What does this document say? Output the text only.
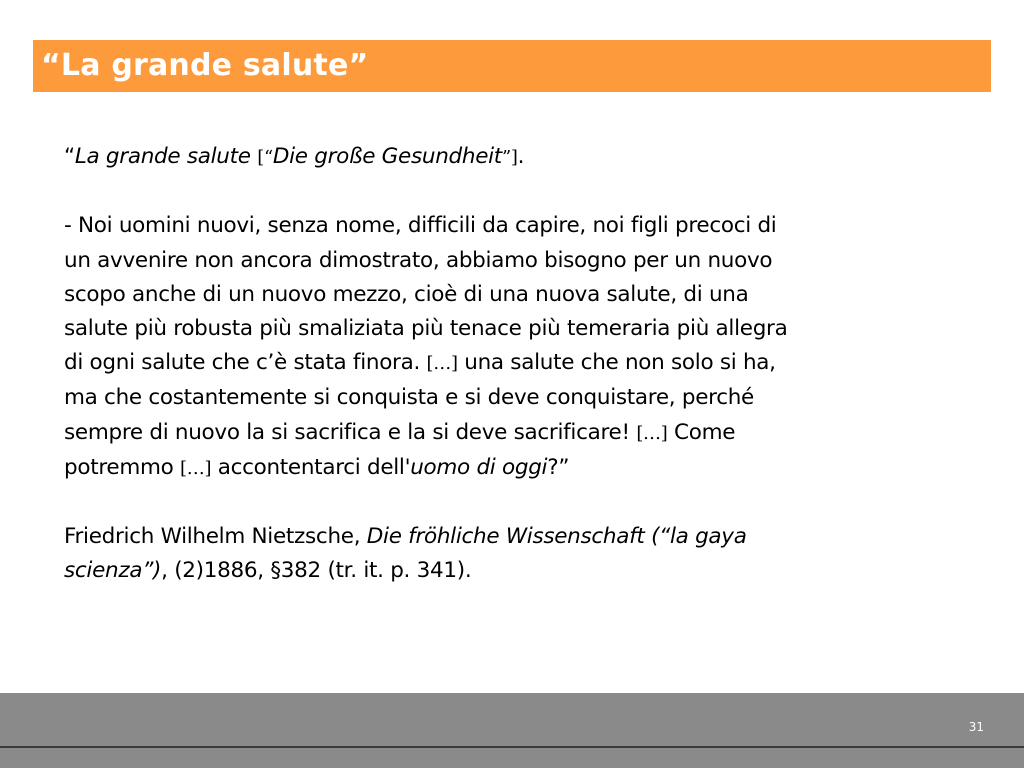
“La grande salute”

“La grande salute [“Die große Gesundheit”].

- Noi uomini nuovi, senza nome, difficili da capire, noi figli precoci di
un avvenire non ancora dimostrato, abbiamo bisogno per un nuovo
scopo anche di un nuovo mezzo, cioè di una nuova salute, di una
salute più robusta più smaliziata più tenace più temeraria più allegra
di ogni salute che c’è stata finora. […] una salute che non solo si ha,
ma che costantemente si conquista e si deve conquistare, perché
sempre di nuovo la si sacrifica e la si deve sacrificare! […] Come
potremmo […] accontentarci dell'uomo di oggi?”

Friedrich Wilhelm Nietzsche, Die fröhliche Wissenschaft (“la gaya
scienza”), (2)1886, §382 (tr. it. p. 341).

31
